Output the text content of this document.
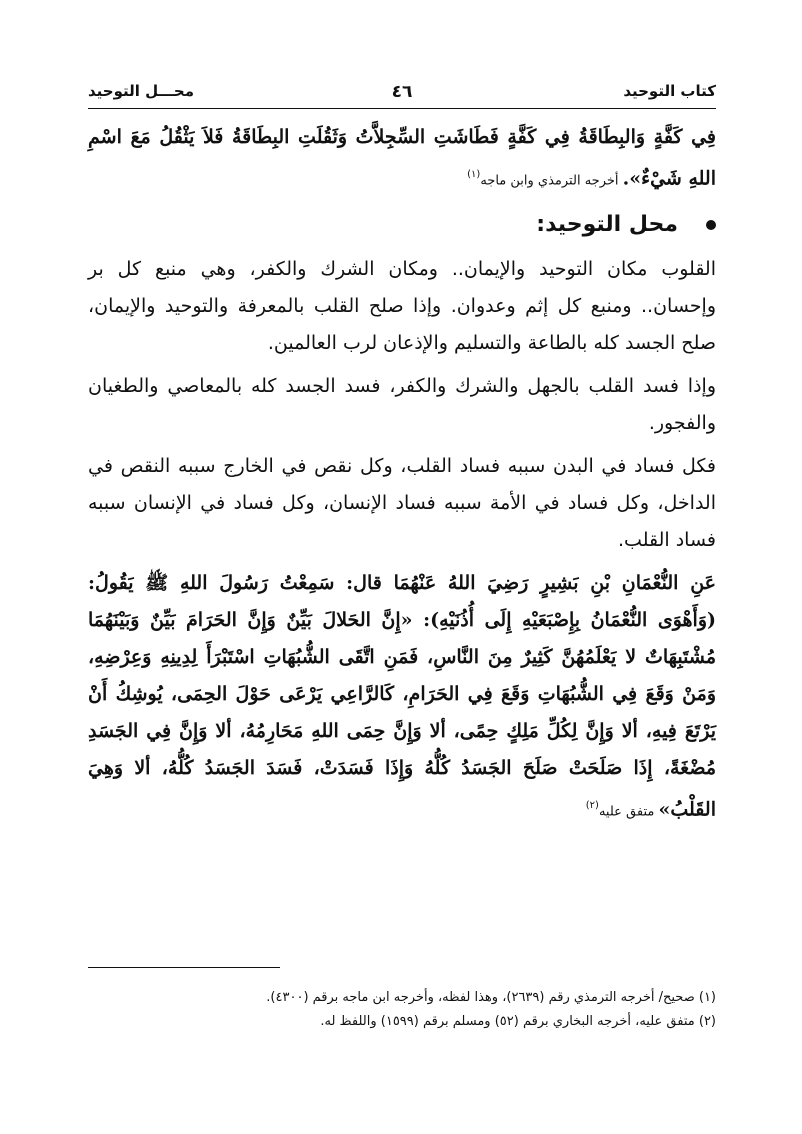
كتاب التوحيد
٤٦
محـــل التوحيد

فِي كَفَّةٍ وَالبِطَاقَةُ فِي كَفَّةٍ فَطَاشَتِ السِّجِلاَّتُ وَثَقُلَتِ البِطَاقَةُ فَلاَ يَثْقُلُ مَعَ اسْمِ اللهِ شَيْءٌ». أخرجه الترمذي وابن ماجه$^{(١)}$

محل التوحيد:

القلوب مكان التوحيد والإيمان.. ومكان الشرك والكفر، وهي منبع كل بر وإحسان.. ومنبع كل إثم وعدوان. وإذا صلح القلب بالمعرفة والتوحيد والإيمان، صلح الجسد كله بالطاعة والتسليم والإذعان لرب العالمين.

وإذا فسد القلب بالجهل والشرك والكفر، فسد الجسد كله بالمعاصي والطغيان والفجور.

فكل فساد في البدن سببه فساد القلب، وكل نقص في الخارج سببه النقص في الداخل، وكل فساد في الأمة سببه فساد الإنسان، وكل فساد في الإنسان سببه فساد القلب.

عَنِ النُّعْمَانِ بْنِ بَشِيرٍ رَضِيَ اللهُ عَنْهُمَا قال: سَمِعْتُ رَسُولَ اللهِ ﷺ يَقُولُ: (وَأَهْوَى النُّعْمَانُ بِإِصْبَعَيْهِ إِلَى أُذُنَيْهِ): «إِنَّ الحَلالَ بَيِّنٌ وَإِنَّ الحَرَامَ بَيِّنٌ وَبَيْنَهُمَا مُشْتَبِهَاتٌ لا يَعْلَمُهُنَّ كَثِيرٌ مِنَ النَّاسِ، فَمَنِ اتَّقَى الشُّبُهَاتِ اسْتَبْرَأَ لِدِينِهِ وَعِرْضِهِ، وَمَنْ وَقَعَ فِي الشُّبُهَاتِ وَقَعَ فِي الحَرَامِ، كَالرَّاعِي يَرْعَى حَوْلَ الحِمَى، يُوشِكُ أَنْ يَرْتَعَ فِيهِ، ألا وَإِنَّ لِكُلِّ مَلِكٍ حِمًى، ألا وَإِنَّ حِمَى اللهِ مَحَارِمُهُ، ألا وَإِنَّ فِي الجَسَدِ مُضْغَةً، إِذَا صَلَحَتْ صَلَحَ الجَسَدُ كُلُّهُ وَإِذَا فَسَدَتْ، فَسَدَ الجَسَدُ كُلُّهُ، ألا وَهِيَ القَلْبُ» متفق عليه$^{(٢)}$

(١) صحيح/ أخرجه الترمذي رقم (٢٦٣٩)، وهذا لفظه، وأخرجه ابن ماجه برقم (٤٣٠٠).

(٢) متفق عليه، أخرجه البخاري برقم (٥٢) ومسلم برقم (١٥٩٩) واللفظ له.
